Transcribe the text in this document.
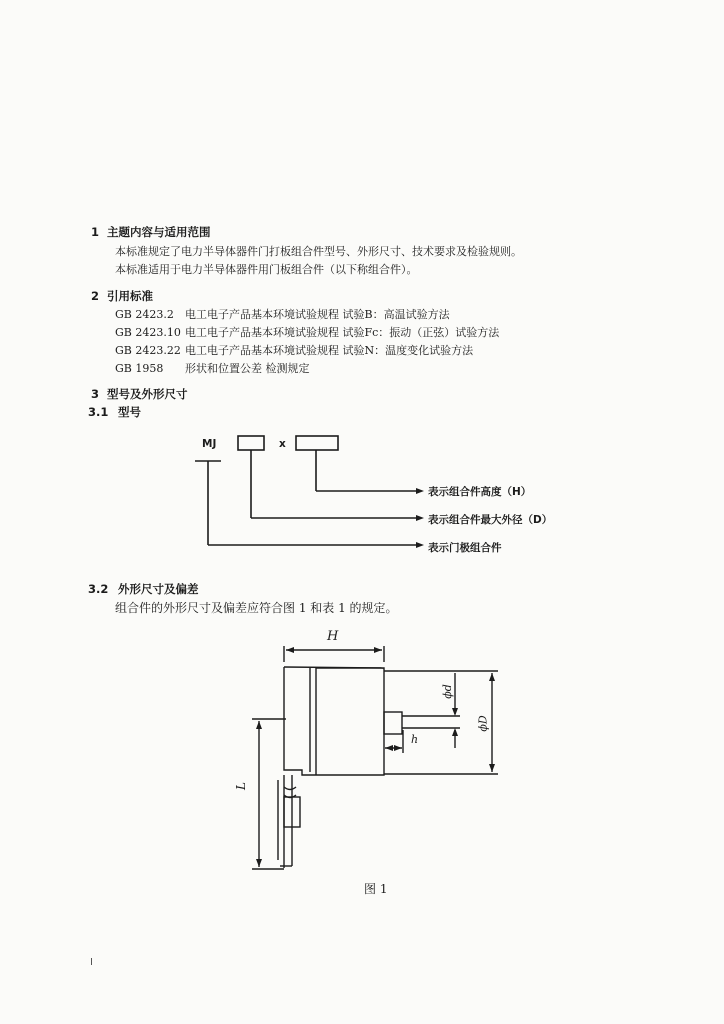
1 主题内容与适用范围
本标准规定了电力半导体器件门打板组合件型号、外形尺寸、技术要求及检验规则。
本标准适用于电力半导体器件用门板组合件（以下称组合件）。
2 引用标准
GB 2423.2 电工电子产品基本环境试验规程 试验B：高温试验方法
GB 2423.10 电工电子产品基本环境试验规程 试验Fc：振动（正弦）试验方法
GB 2423.22 电工电子产品基本环境试验规程 试验N：温度变化试验方法
GB 1958 形状和位置公差 检测规定
3 型号及外形尺寸
3.1 型号
MJ	x
表示组合件高度（H）
表示组合件最大外径（D）
表示门极组合件
3.2 外形尺寸及偏差
组合件的外形尺寸及偏差应符合图 1 和表 1 的规定。
H
ϕd
ϕD
h
L
图 1
